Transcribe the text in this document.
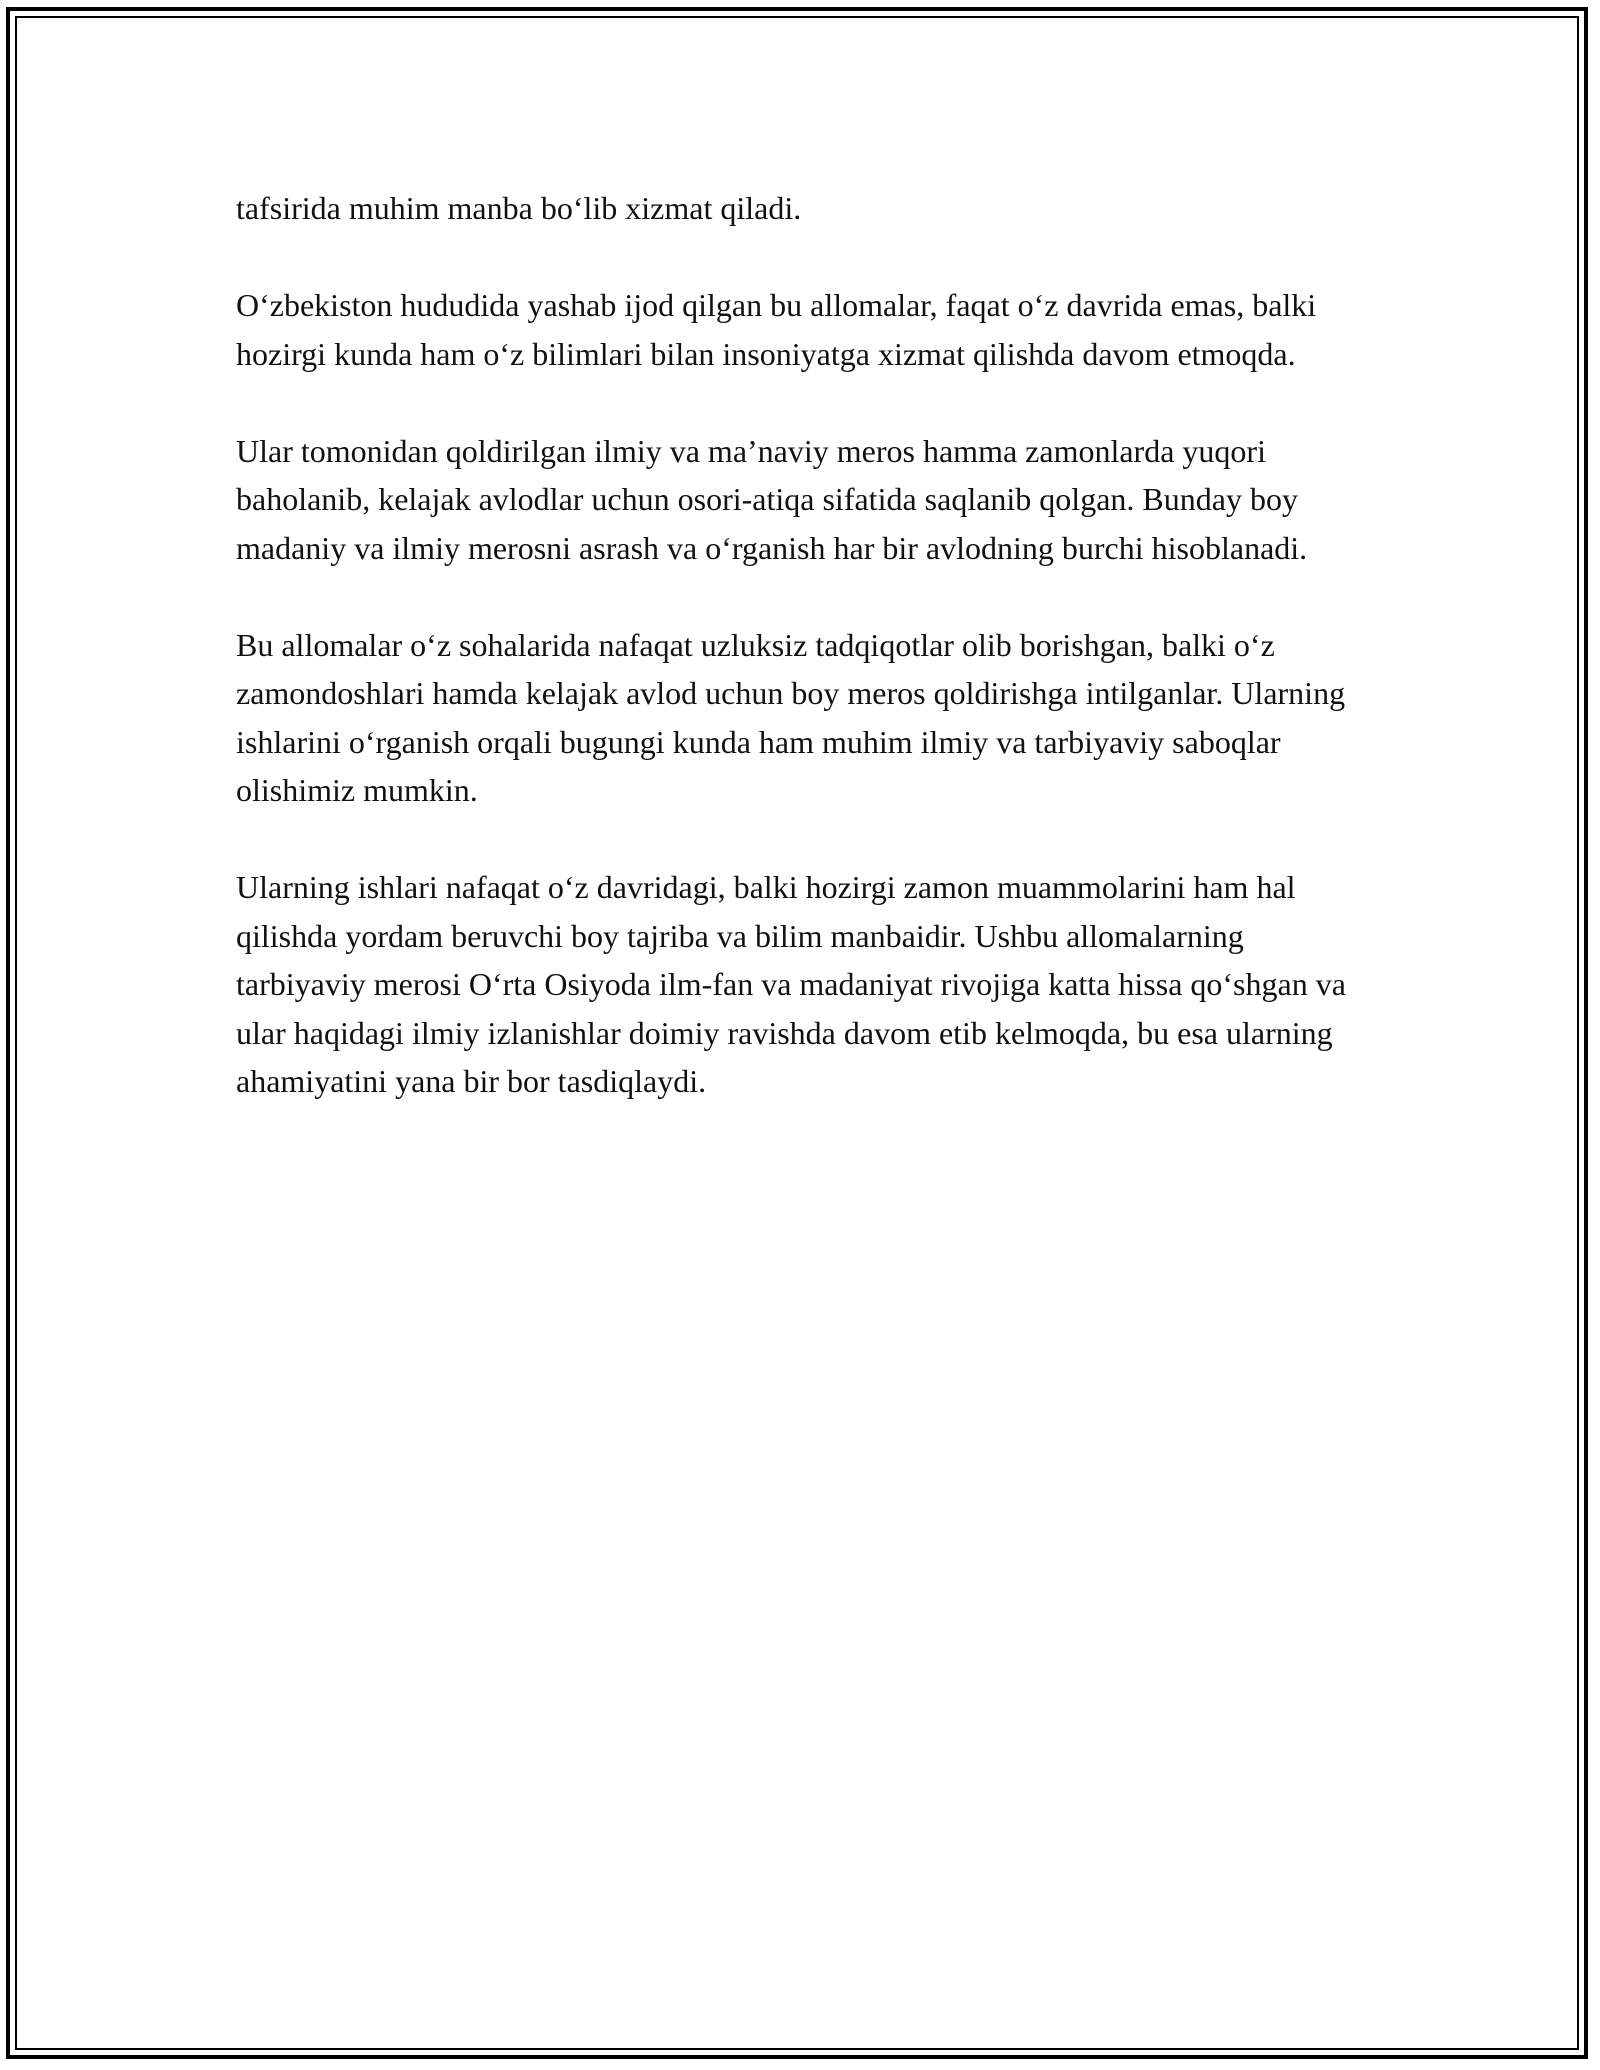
tafsirida muhim manba bo‘lib xizmat qiladi.

O‘zbekiston hududida yashab ijod qilgan bu allomalar, faqat o‘z davrida emas, balki hozirgi kunda ham o‘z bilimlari bilan insoniyatga xizmat qilishda davom etmoqda.

Ular tomonidan qoldirilgan ilmiy va ma’naviy meros hamma zamonlarda yuqori baholanib, kelajak avlodlar uchun osori-atiqa sifatida saqlanib qolgan. Bunday boy madaniy va ilmiy merosni asrash va o‘rganish har bir avlodning burchi hisoblanadi.

Bu allomalar o‘z sohalarida nafaqat uzluksiz tadqiqotlar olib borishgan, balki o‘z zamondoshlari hamda kelajak avlod uchun boy meros qoldirishga intilganlar. Ularning ishlarini o‘rganish orqali bugungi kunda ham muhim ilmiy va tarbiyaviy saboqlar olishimiz mumkin.

Ularning ishlari nafaqat o‘z davridagi, balki hozirgi zamon muammolarini ham hal qilishda yordam beruvchi boy tajriba va bilim manbaidir. Ushbu allomalarning tarbiyaviy merosi O‘rta Osiyoda ilm-fan va madaniyat rivojiga katta hissa qo‘shgan va ular haqidagi ilmiy izlanishlar doimiy ravishda davom etib kelmoqda, bu esa ularning ahamiyatini yana bir bor tasdiqlaydi.
